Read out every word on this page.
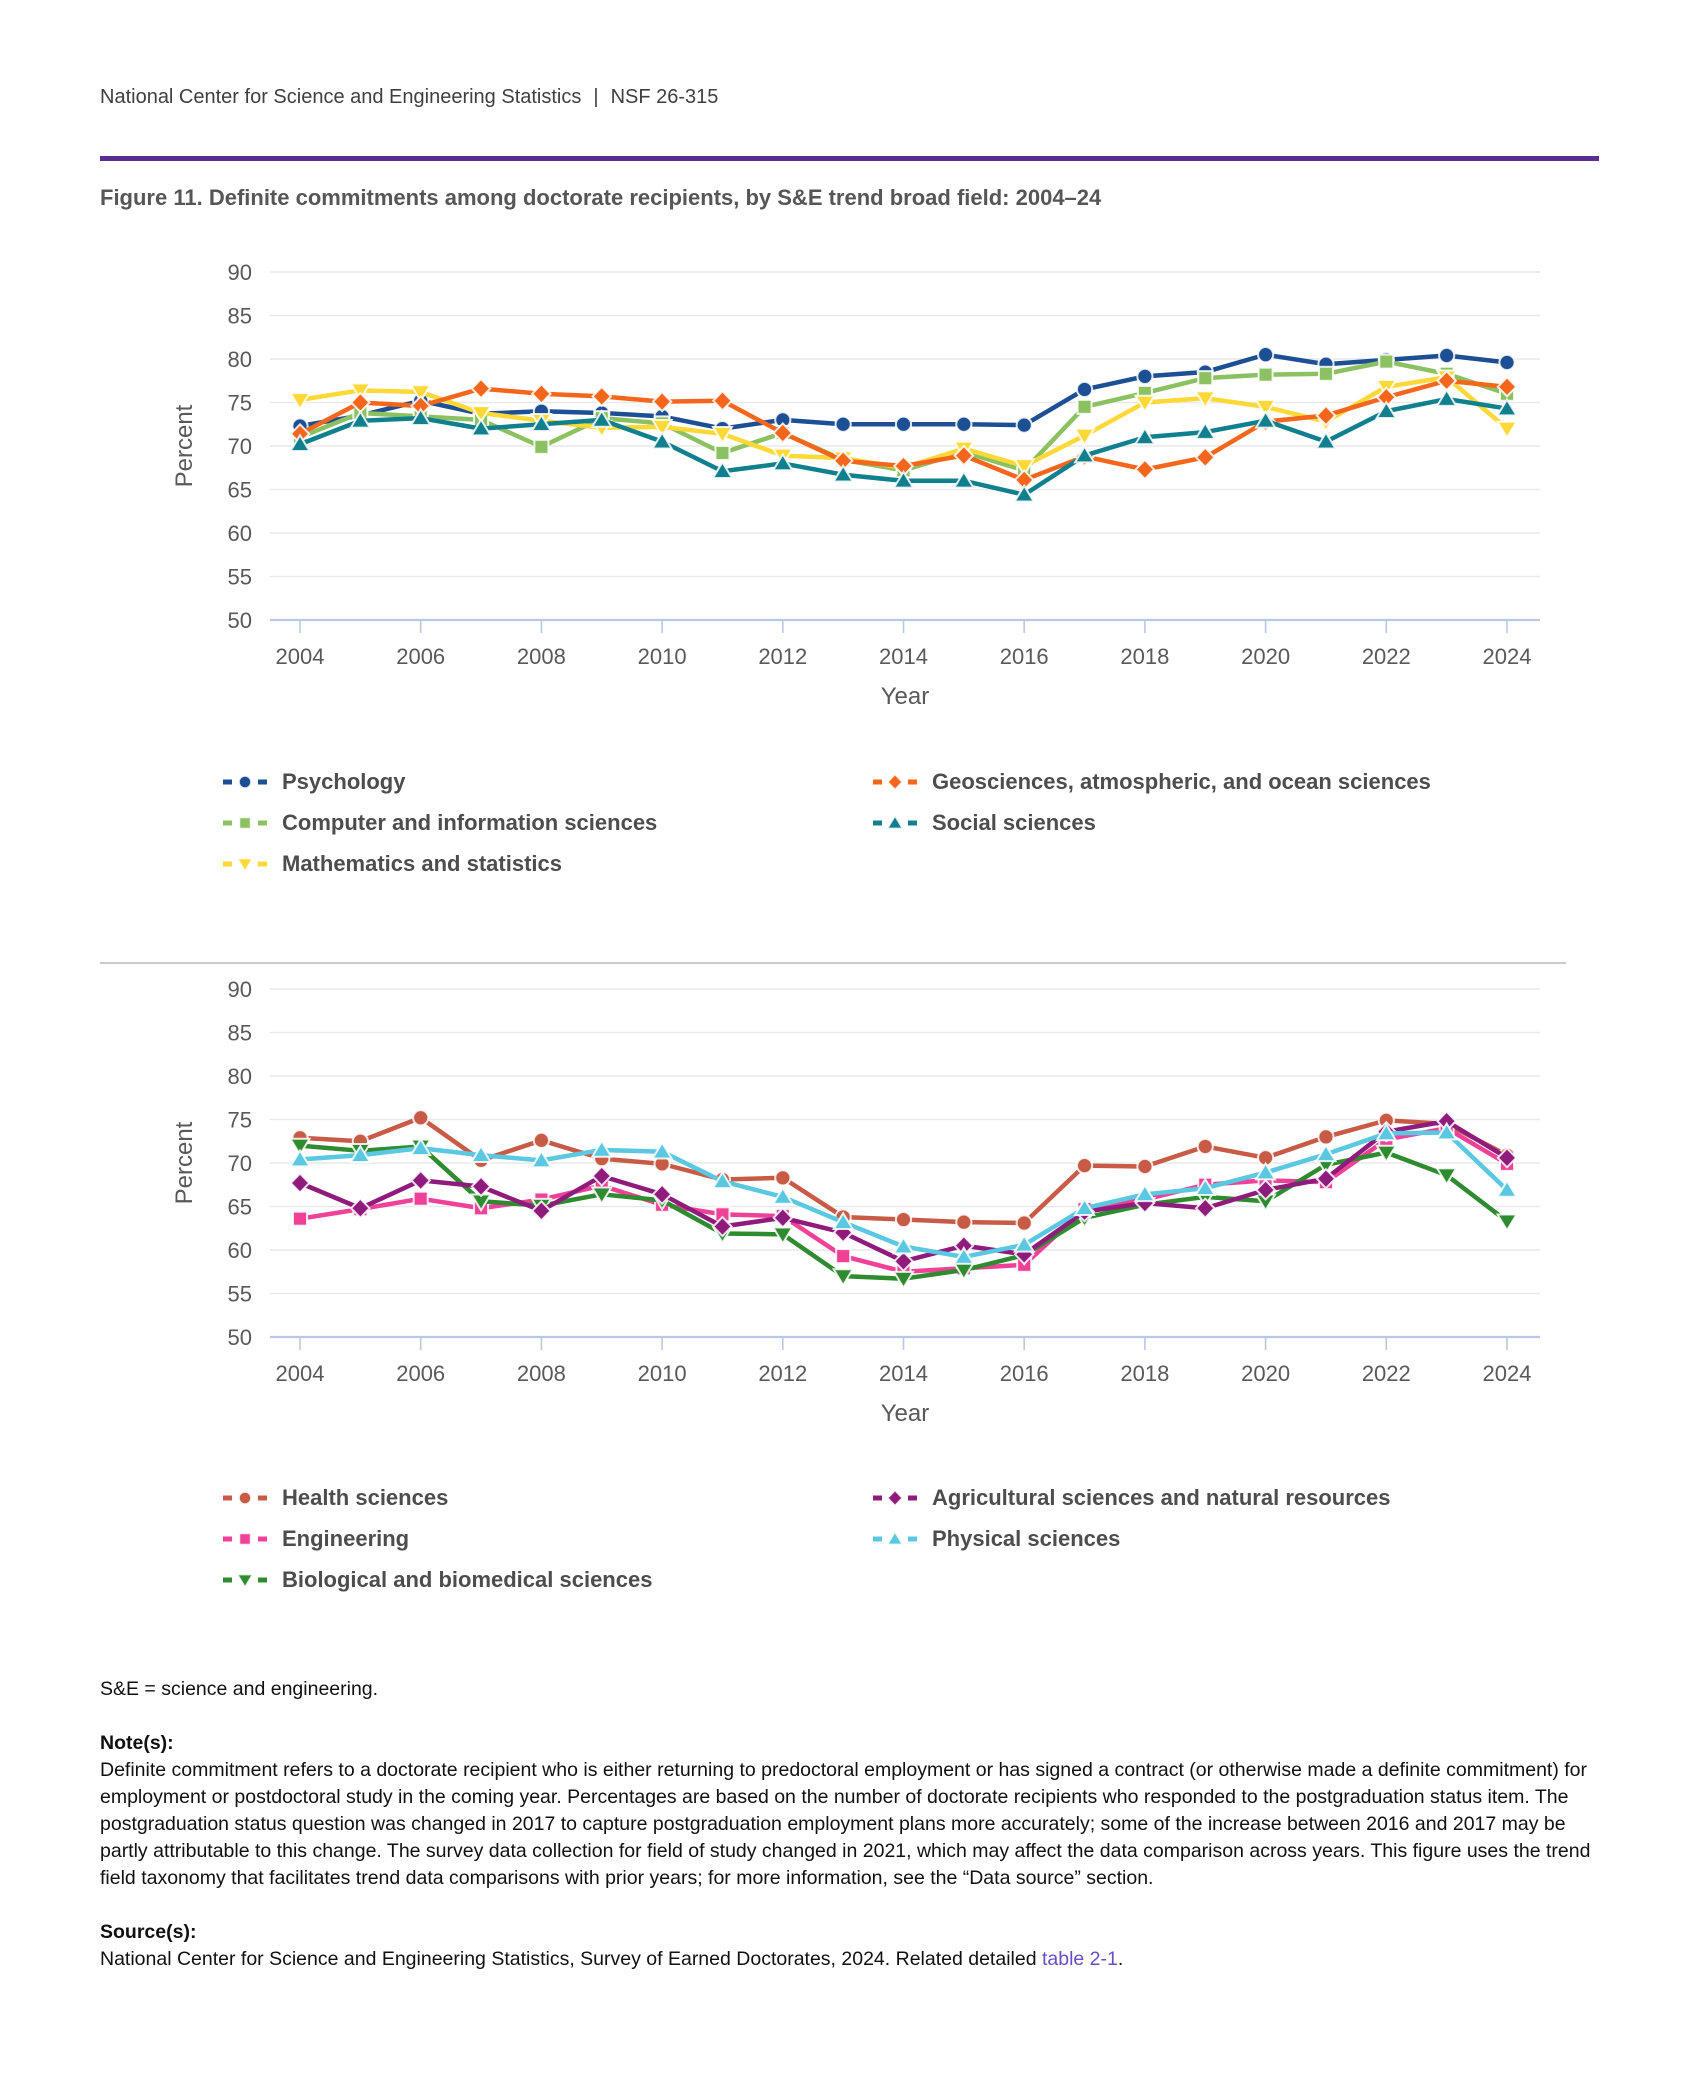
National Center for Science and Engineering Statistics | NSF 26-315
Figure 11. Definite commitments among doctorate recipients, by S&E trend broad field: 2004–24
2004	2006	2008	2010	2012	2014	2016	2018	2020	2022	2024
50
55
60
65
70
75
80
85
90
Percent
Year
Psychology
Computer and information sciences
Mathematics and statistics
Geosciences, atmospheric, and ocean sciences
Social sciences
2004	2006	2008	2010	2012	2014	2016	2018	2020	2022	2024
50
55
60
65
70
75
80
85
90
Percent
Year
Health sciences
Engineering
Biological and biomedical sciences
Agricultural sciences and natural resources
Physical sciences

S&E = science and engineering.

Note(s):

Definite commitment refers to a doctorate recipient who is either returning to predoctoral employment or has signed a contract (or otherwise made a definite commitment) for employment or postdoctoral study in the coming year. Percentages are based on the number of doctorate recipients who responded to the postgraduation status item. The postgraduation status question was changed in 2017 to capture postgraduation employment plans more accurately; some of the increase between 2016 and 2017 may be partly attributable to this change. The survey data collection for field of study changed in 2021, which may affect the data comparison across years. This figure uses the trend field taxonomy that facilitates trend data comparisons with prior years; for more information, see the “Data source” section.

Source(s):

National Center for Science and Engineering Statistics, Survey of Earned Doctorates, 2024. Related detailed table 2-1.
